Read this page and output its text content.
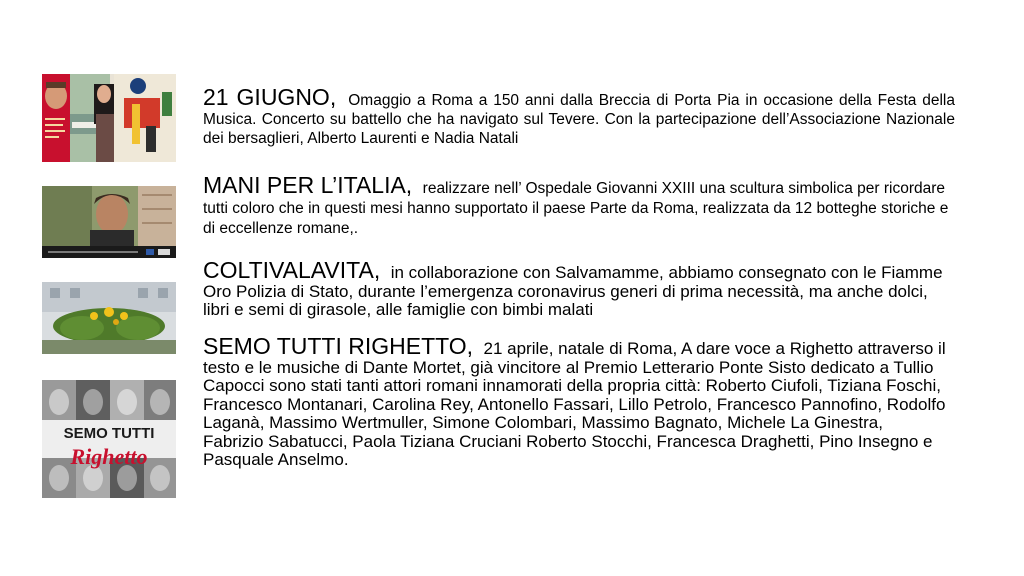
SEMO TUTTI
Righetto
21 GIUGNO, Omaggio a Roma a 150 anni dalla Breccia di Porta Pia in occasione della Festa della Musica. Concerto su battello che ha navigato sul Tevere. Con la partecipazione dell’Associazione Nazionale dei bersaglieri, Alberto Laurenti e Nadia Natali
MANI PER L’ITALIA, realizzare nell’ Ospedale Giovanni XXIII una scultura simbolica per ricordare tutti coloro che in questi mesi hanno supportato il paese Parte da Roma, realizzata da 12 botteghe storiche e di eccellenze romane,.
COLTIVALAVITA, in collaborazione con Salvamamme, abbiamo consegnato con le Fiamme Oro Polizia di Stato, durante l’emergenza coronavirus generi di prima necessità, ma anche dolci, libri e semi di girasole, alle famiglie con bimbi malati
SEMO TUTTI RIGHETTO, 21 aprile, natale di Roma, A dare voce a Righetto attraverso il testo e le musiche di Dante Mortet, già vincitore al Premio Letterario Ponte Sisto dedicato a Tullio Capocci sono stati tanti attori romani innamorati della propria città: Roberto Ciufoli, Tiziana Foschi, Francesco Montanari, Carolina Rey, Antonello Fassari, Lillo Petrolo, Francesco Pannofino, Rodolfo Laganà, Massimo Wertmuller, Simone Colombari, Massimo Bagnato, Michele La Ginestra, Fabrizio Sabatucci, Paola Tiziana Cruciani Roberto Stocchi, Francesca Draghetti, Pino Insegno e Pasquale Anselmo.
